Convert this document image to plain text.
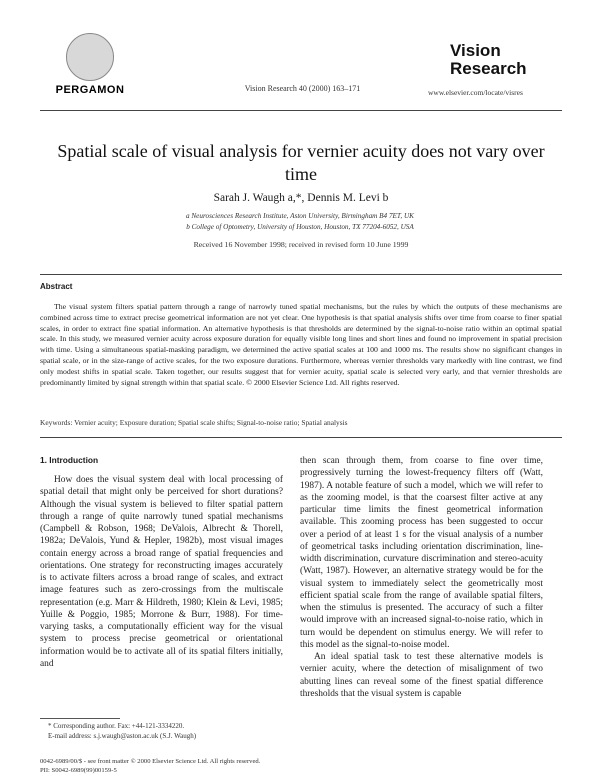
PERGAMON	Vision Research 40 (2000) 163–171
Vision
Research
www.elsevier.com/locate/visres
Spatial scale of visual analysis for vernier acuity does not vary over time
Sarah J. Waugh a,*, Dennis M. Levi b
a Neurosciences Research Institute, Aston University, Birmingham B4 7ET, UK
b College of Optometry, University of Houston, Houston, TX 77204-6052, USA
Received 16 November 1998; received in revised form 10 June 1999
Abstract
The visual system filters spatial pattern through a range of narrowly tuned spatial mechanisms, but the rules by which the outputs of these mechanisms are combined across time to extract precise geometrical information are not yet clear. One hypothesis is that spatial analysis shifts over time from coarse to finer spatial scales, in order to extract fine spatial information. An alternative hypothesis is that thresholds are determined by the signal-to-noise ratio within an optimal spatial scale. In this study, we measured vernier acuity across exposure duration for equally visible long lines and short lines and found no improvement in spatial precision with time. Using a simultaneous spatial-masking paradigm, we determined the active spatial scales at 100 and 1000 ms. The results show no significant changes in spatial scale, or in the size-range of active scales, for the two exposure durations. Furthermore, whereas vernier thresholds vary markedly with line contrast, we find only modest shifts in spatial scale. Taken together, our results suggest that for vernier acuity, spatial scale is selected very early, and that vernier thresholds are predominantly limited by signal strength within that spatial scale. © 2000 Elsevier Science Ltd. All rights reserved.
Keywords: Vernier acuity; Exposure duration; Spatial scale shifts; Signal-to-noise ratio; Spatial analysis
1. Introduction

How does the visual system deal with local processing of spatial detail that might only be perceived for short durations? Although the visual system is believed to filter spatial pattern through a range of quite narrowly tuned spatial mechanisms (Campbell & Robson, 1968; DeValois, Albrecht & Thorell, 1982a; DeValois, Yund & Hepler, 1982b), most visual images contain energy across a broad range of spatial frequencies and orientations. One strategy for reconstructing images accurately is to activate filters across a broad range of scales, and extract image features such as zero-crossings from the multiscale representation (e.g. Marr & Hildreth, 1980; Klein & Levi, 1985; Yuille & Poggio, 1985; Morrone & Burr, 1988). For time-varying tasks, a computationally efficient way for the visual system to process precise geometrical or orientational information would be to activate all of its spatial filters initially, and

then scan through them, from coarse to fine over time, progressively turning the lowest-frequency filters off (Watt, 1987). A notable feature of such a model, which we will refer to as the zooming model, is that the coarsest filter active at any particular time limits the finest geometrical information available. This zooming process has been suggested to occur over a period of at least 1 s for the visual analysis of a number of geometrical tasks including orientation discrimination, line-width discrimination, curvature discrimination and stereo-acuity (Watt, 1987). However, an alternative strategy would be for the visual system to immediately select the geometrically most efficient spatial scale from the range of available spatial filters, when the stimulus is presented. The accuracy of such a filter would improve with an increased signal-to-noise ratio, which in turn would be dependent on stimulus energy. We will refer to this model as the signal-to-noise model.

An ideal spatial task to test these alternative models is vernier acuity, where the detection of misalignment of two abutting lines can reveal some of the finest spatial difference thresholds that the visual system is capable

* Corresponding author. Fax: +44-121-3334220.
E-mail address: s.j.waugh@aston.ac.uk (S.J. Waugh)
0042-6989/00/$ - see front matter © 2000 Elsevier Science Ltd. All rights reserved.
PII: S0042-6989(99)00159-5
